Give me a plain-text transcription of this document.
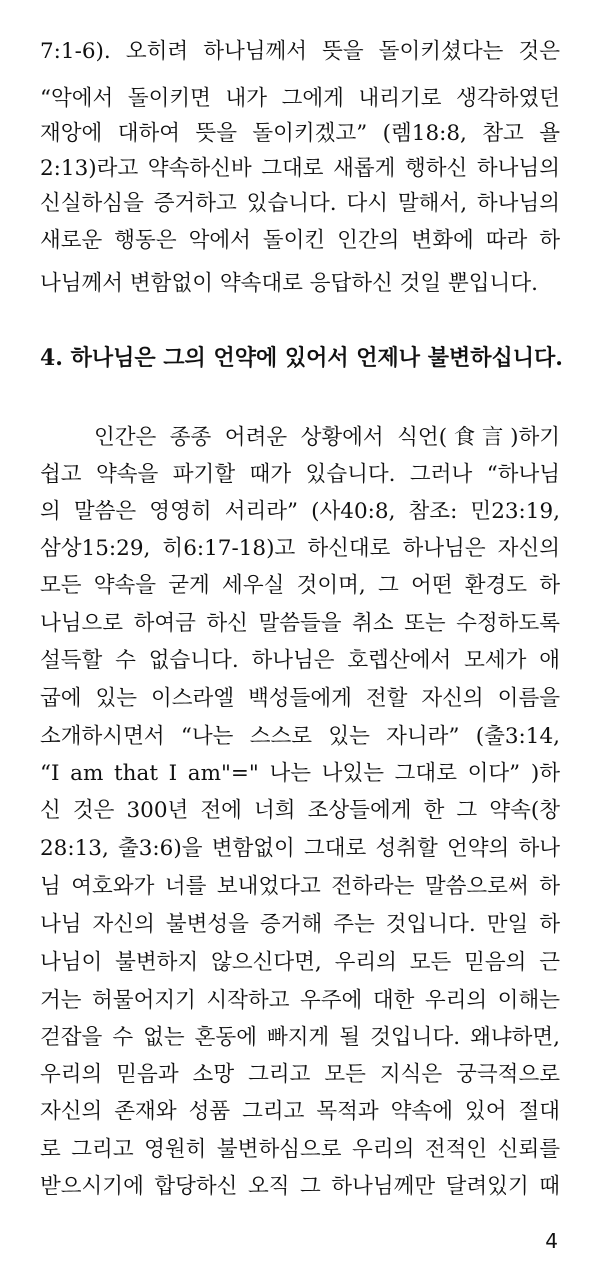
7:1-6). 오히려 하나님께서 뜻을 돌이키셨다는 것은
“악에서 돌이키면 내가 그에게 내리기로 생각하였던
재앙에 대하여 뜻을 돌이키겠고” (렘18:8, 참고 욜
2:13)라고 약속하신바 그대로 새롭게 행하신 하나님의
신실하심을 증거하고 있습니다. 다시 말해서, 하나님의
새로운 행동은 악에서 돌이킨 인간의 변화에 따라 하
나님께서 변함없이 약속대로 응답하신 것일 뿐입니다.
4. 하나님은 그의 언약에 있어서 언제나 불변하십니다.
인간은 종종 어려운 상황에서 식언(食言)하기
쉽고 약속을 파기할 때가 있습니다. 그러나 “하나님
의 말씀은 영영히 서리라” (사40:8, 참조: 민23:19,
삼상15:29, 히6:17-18)고 하신대로 하나님은 자신의
모든 약속을 굳게 세우실 것이며, 그 어떤 환경도 하
나님으로 하여금 하신 말씀들을 취소 또는 수정하도록
설득할 수 없습니다. 하나님은 호렙산에서 모세가 애
굽에 있는 이스라엘 백성들에게 전할 자신의 이름을
소개하시면서 “나는 스스로 있는 자니라” (출3:14,
“I am that I am"=" 나는 나있는 그대로 이다” )하
신 것은 300년 전에 너희 조상들에게 한 그 약속(창
28:13, 출3:6)을 변함없이 그대로 성취할 언약의 하나
님 여호와가 너를 보내었다고 전하라는 말씀으로써 하
나님 자신의 불변성을 증거해 주는 것입니다. 만일 하
나님이 불변하지 않으신다면, 우리의 모든 믿음의 근
거는 허물어지기 시작하고 우주에 대한 우리의 이해는
걷잡을 수 없는 혼동에 빠지게 될 것입니다. 왜냐하면,
우리의 믿음과 소망 그리고 모든 지식은 궁극적으로
자신의 존재와 성품 그리고 목적과 약속에 있어 절대
로 그리고 영원히 불변하심으로 우리의 전적인 신뢰를
받으시기에 합당하신 오직 그 하나님께만 달려있기 때
4
